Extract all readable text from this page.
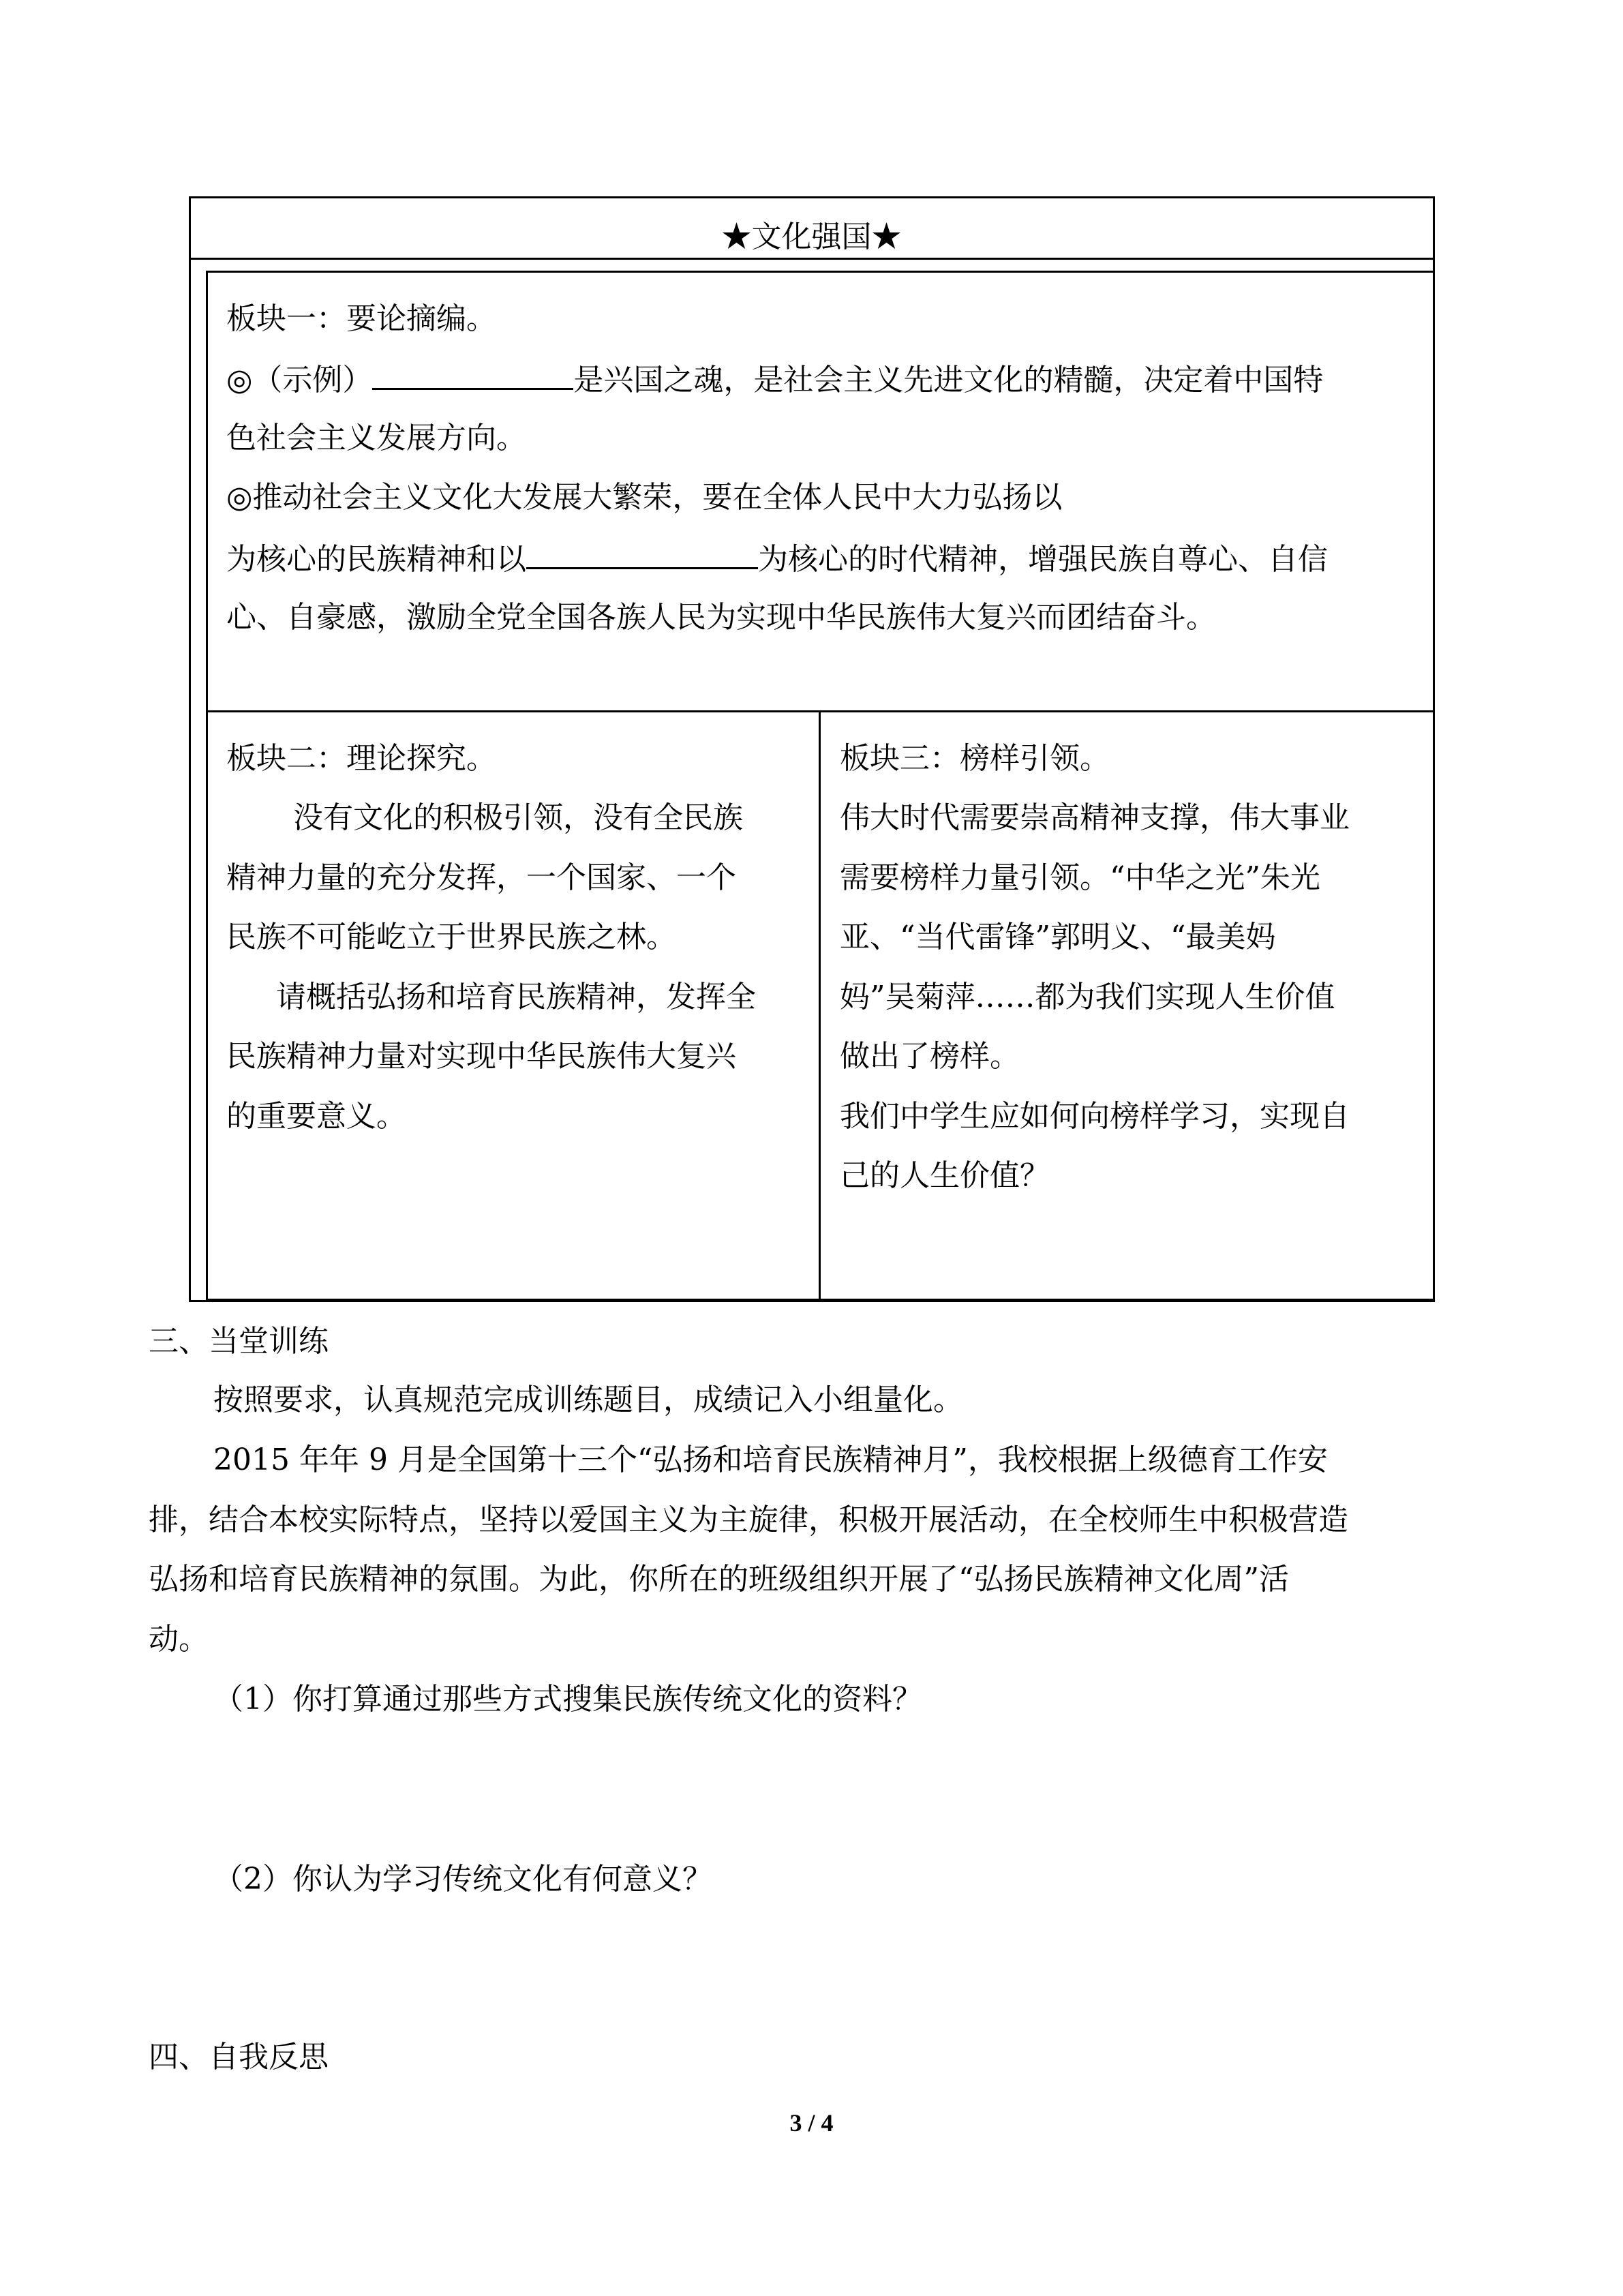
★文化强国★
板块一：要论摘编。
◎（示例）	是兴国之魂，是社会主义先进文化的精髓，决定着中国特
色社会主义发展方向。
◎推动社会主义文化大发展大繁荣，要在全体人民中大力弘扬以
为核心的民族精神和以	为核心的时代精神，增强民族自尊心、自信
心、自豪感，激励全党全国各族人民为实现中华民族伟大复兴而团结奋斗。
板块二：理论探究。
没有文化的积极引领，没有全民族
精神力量的充分发挥，一个国家、一个
民族不可能屹立于世界民族之林。
请概括弘扬和培育民族精神，发挥全
民族精神力量对实现中华民族伟大复兴
的重要意义。
板块三：榜样引领。
伟大时代需要崇高精神支撑，伟大事业
需要榜样力量引领。“中华之光”朱光
亚、“当代雷锋”郭明义、“最美妈
妈”吴菊萍……都为我们实现人生价值
做出了榜样。
我们中学生应如何向榜样学习，实现自
己的人生价值？
三、当堂训练
按照要求，认真规范完成训练题目，成绩记入小组量化。
2015 年年 9 月是全国第十三个“弘扬和培育民族精神月”，我校根据上级德育工作安
排，结合本校实际特点，坚持以爱国主义为主旋律，积极开展活动，在全校师生中积极营造
弘扬和培育民族精神的氛围。为此，你所在的班级组织开展了“弘扬民族精神文化周”活
动。
（1）你打算通过那些方式搜集民族传统文化的资料？
（2）你认为学习传统文化有何意义？
四、自我反思
3 / 4
